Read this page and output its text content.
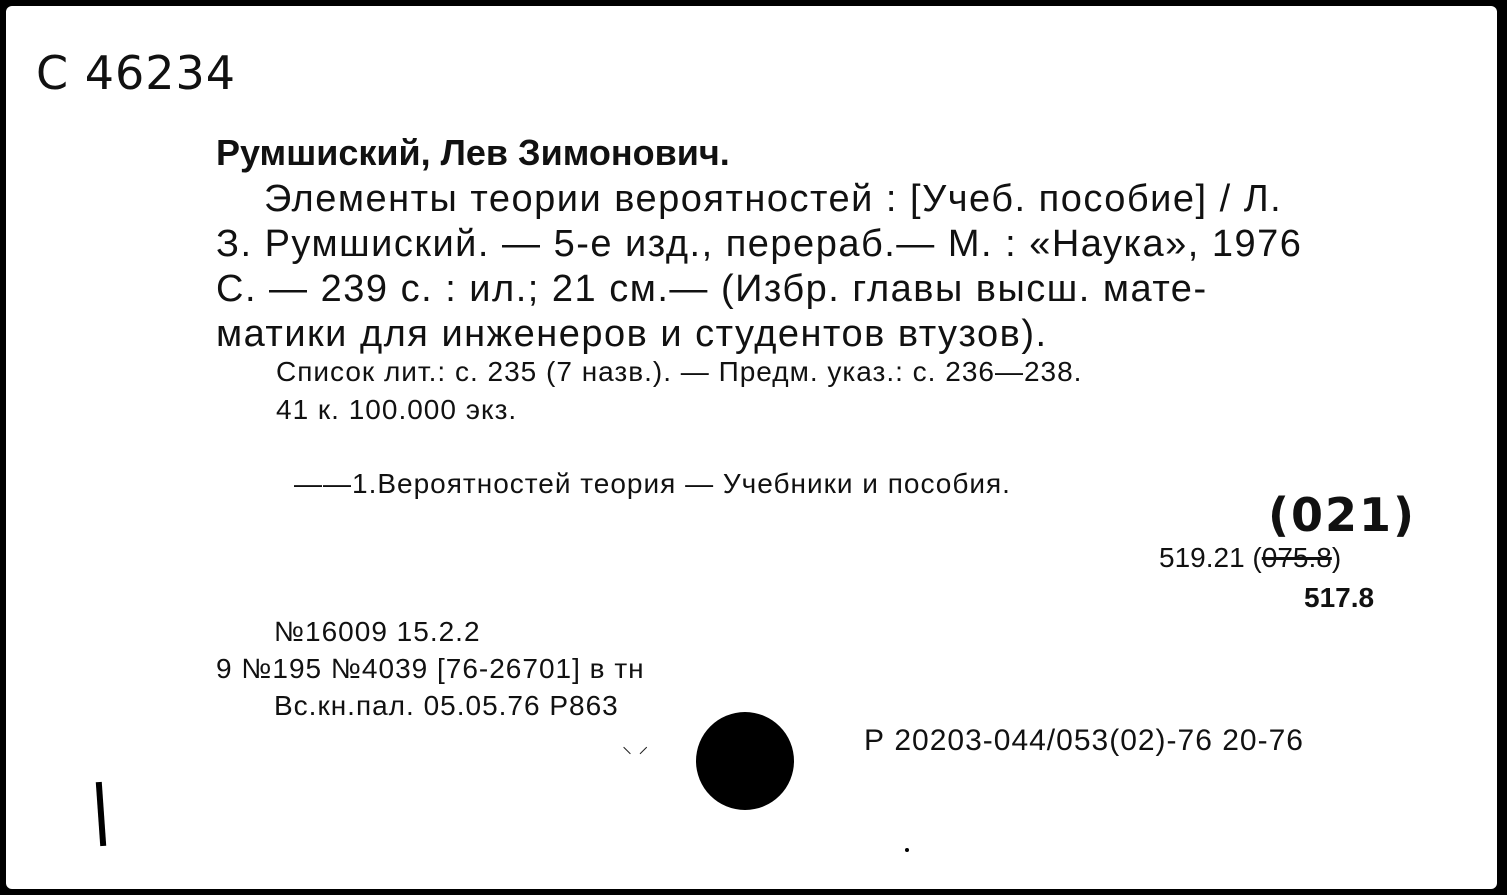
С 46234
Румшиский, Лев Зимонович.
Элементы теории вероятностей : [Учеб. пособие] / Л.
З. Румшиский. — 5-е изд., перераб.— М. : «Наука», 1976
С. — 239 с. : ил.; 21 см.— (Избр. главы высш. мате-
матики для инженеров и студентов втузов).
Список лит.: с. 235 (7 назв.). — Предм. указ.: с. 236—238.
41 к. 100.000 экз.
——1.Вероятностей теория — Учебники и пособия.
(021)
519.21 (075.8)
517.8
№16009 15.2.2
9 №195 №4039 [76-26701] в тн
Вс.кн.пал. 05.05.76 Р863
Р 20203-044/053(02)-76 20-76
⸌ ⸍
